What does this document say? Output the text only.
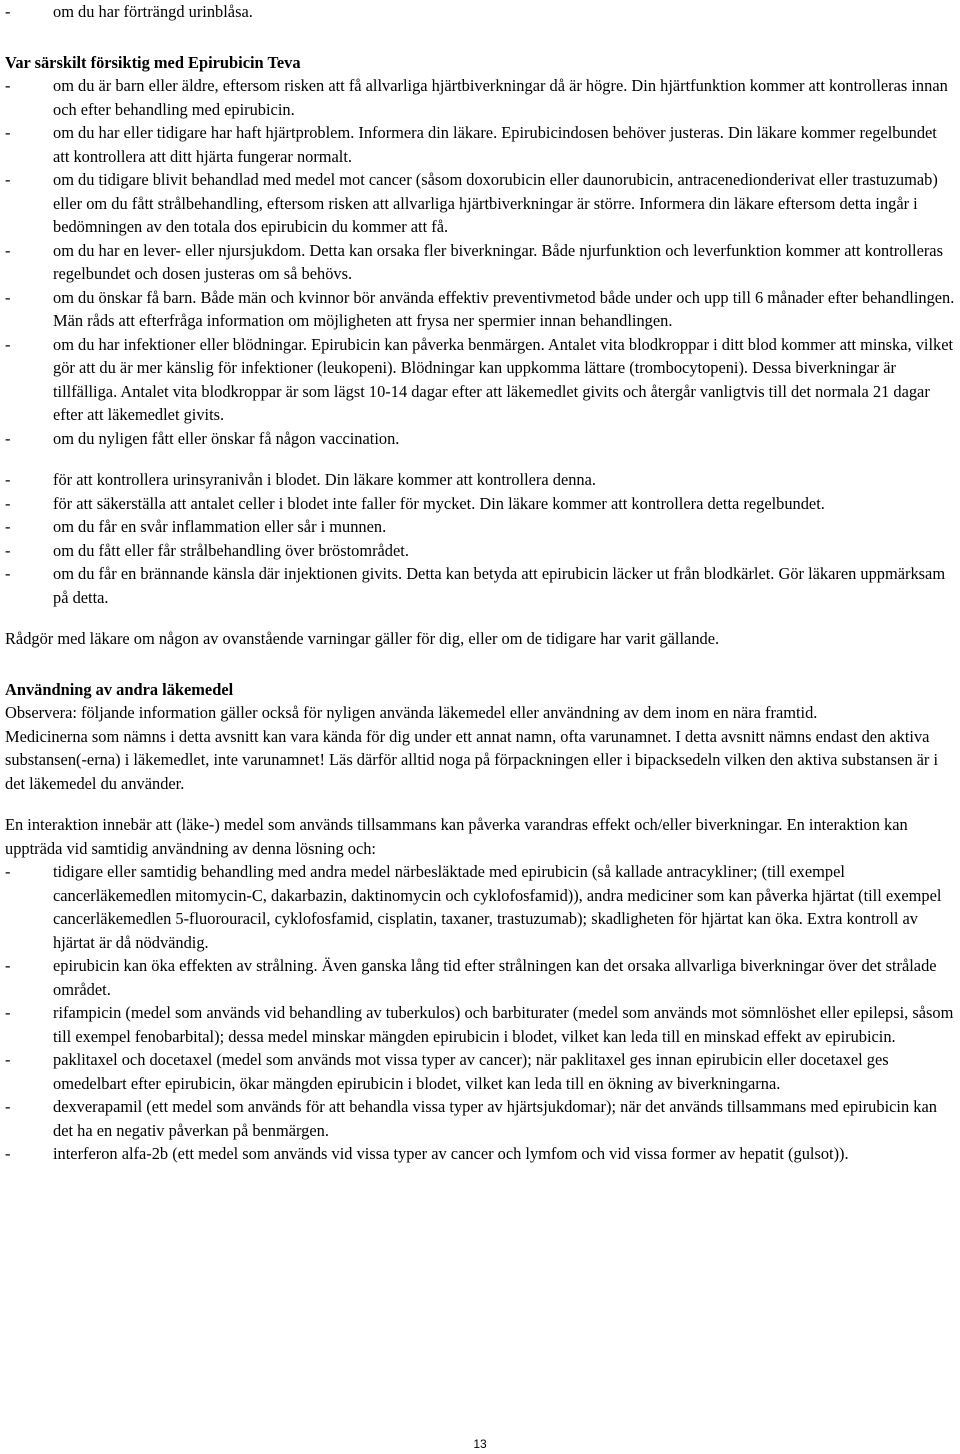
-	om du har förträngd urinblåsa.

Var särskilt försiktig med Epirubicin Teva

-	om du är barn eller äldre, eftersom risken att få allvarliga hjärtbiverkningar då är högre. Din hjärtfunktion kommer att kontrolleras innan och efter behandling med epirubicin.
-	om du har eller tidigare har haft hjärtproblem. Informera din läkare. Epirubicindosen behöver justeras. Din läkare kommer regelbundet att kontrollera att ditt hjärta fungerar normalt.
-	om du tidigare blivit behandlad med medel mot cancer (såsom doxorubicin eller daunorubicin, antracenedionderivat eller trastuzumab) eller om du fått strålbehandling, eftersom risken att allvarliga hjärtbiverkningar är större. Informera din läkare eftersom detta ingår i bedömningen av den totala dos epirubicin du kommer att få.
-	om du har en lever- eller njursjukdom. Detta kan orsaka fler biverkningar. Både njurfunktion och leverfunktion kommer att kontrolleras regelbundet och dosen justeras om så behövs.
-	om du önskar få barn. Både män och kvinnor bör använda effektiv preventivmetod både under och upp till 6 månader efter behandlingen. Män råds att efterfråga information om möjligheten att frysa ner spermier innan behandlingen.
-	om du har infektioner eller blödningar. Epirubicin kan påverka benmärgen. Antalet vita blodkroppar i ditt blod kommer att minska, vilket gör att du är mer känslig för infektioner (leukopeni). Blödningar kan uppkomma lättare (trombocytopeni). Dessa biverkningar är tillfälliga. Antalet vita blodkroppar är som lägst 10-14 dagar efter att läkemedlet givits och återgår vanligtvis till det normala 21 dagar efter att läkemedlet givits.
-	om du nyligen fått eller önskar få någon vaccination.
-	för att kontrollera urinsyranivån i blodet. Din läkare kommer att kontrollera denna.
-	för att säkerställa att antalet celler i blodet inte faller för mycket. Din läkare kommer att kontrollera detta regelbundet.
-	om du får en svår inflammation eller sår i munnen.
-	om du fått eller får strålbehandling över bröstområdet.
-	om du får en brännande känsla där injektionen givits. Detta kan betyda att epirubicin läcker ut från blodkärlet. Gör läkaren uppmärksam på detta.

Rådgör med läkare om någon av ovanstående varningar gäller för dig, eller om de tidigare har varit gällande.

Användning av andra läkemedel

Observera: följande information gäller också för nyligen använda läkemedel eller användning av dem inom en nära framtid.

Medicinerna som nämns i detta avsnitt kan vara kända för dig under ett annat namn, ofta varunamnet. I detta avsnitt nämns endast den aktiva substansen(-erna) i läkemedlet, inte varunamnet! Läs därför alltid noga på förpackningen eller i bipacksedeln vilken den aktiva substansen är i det läkemedel du använder.

En interaktion innebär att (läke-) medel som används tillsammans kan påverka varandras effekt och/eller biverkningar. En interaktion kan uppträda vid samtidig användning av denna lösning och:

-	tidigare eller samtidig behandling med andra medel närbesläktade med epirubicin (så kallade antracykliner; (till exempel cancerläkemedlen mitomycin-C, dakarbazin, daktinomycin och cyklofosfamid)), andra mediciner som kan påverka hjärtat (till exempel cancerläkemedlen 5-fluorouracil, cyklofosfamid, cisplatin, taxaner, trastuzumab); skadligheten för hjärtat kan öka. Extra kontroll av hjärtat är då nödvändig.
-	epirubicin kan öka effekten av strålning. Även ganska lång tid efter strålningen kan det orsaka allvarliga biverkningar över det strålade området.
-	rifampicin (medel som används vid behandling av tuberkulos) och barbiturater (medel som används mot sömnlöshet eller epilepsi, såsom till exempel fenobarbital); dessa medel minskar mängden epirubicin i blodet, vilket kan leda till en minskad effekt av epirubicin.
-	paklitaxel och docetaxel (medel som används mot vissa typer av cancer); när paklitaxel ges innan epirubicin eller docetaxel ges omedelbart efter epirubicin, ökar mängden epirubicin i blodet, vilket kan leda till en ökning av biverkningarna.
-	dexverapamil (ett medel som används för att behandla vissa typer av hjärtsjukdomar); när det används tillsammans med epirubicin kan det ha en negativ påverkan på benmärgen.
-	interferon alfa-2b (ett medel som används vid vissa typer av cancer och lymfom och vid vissa former av hepatit (gulsot)).
13
